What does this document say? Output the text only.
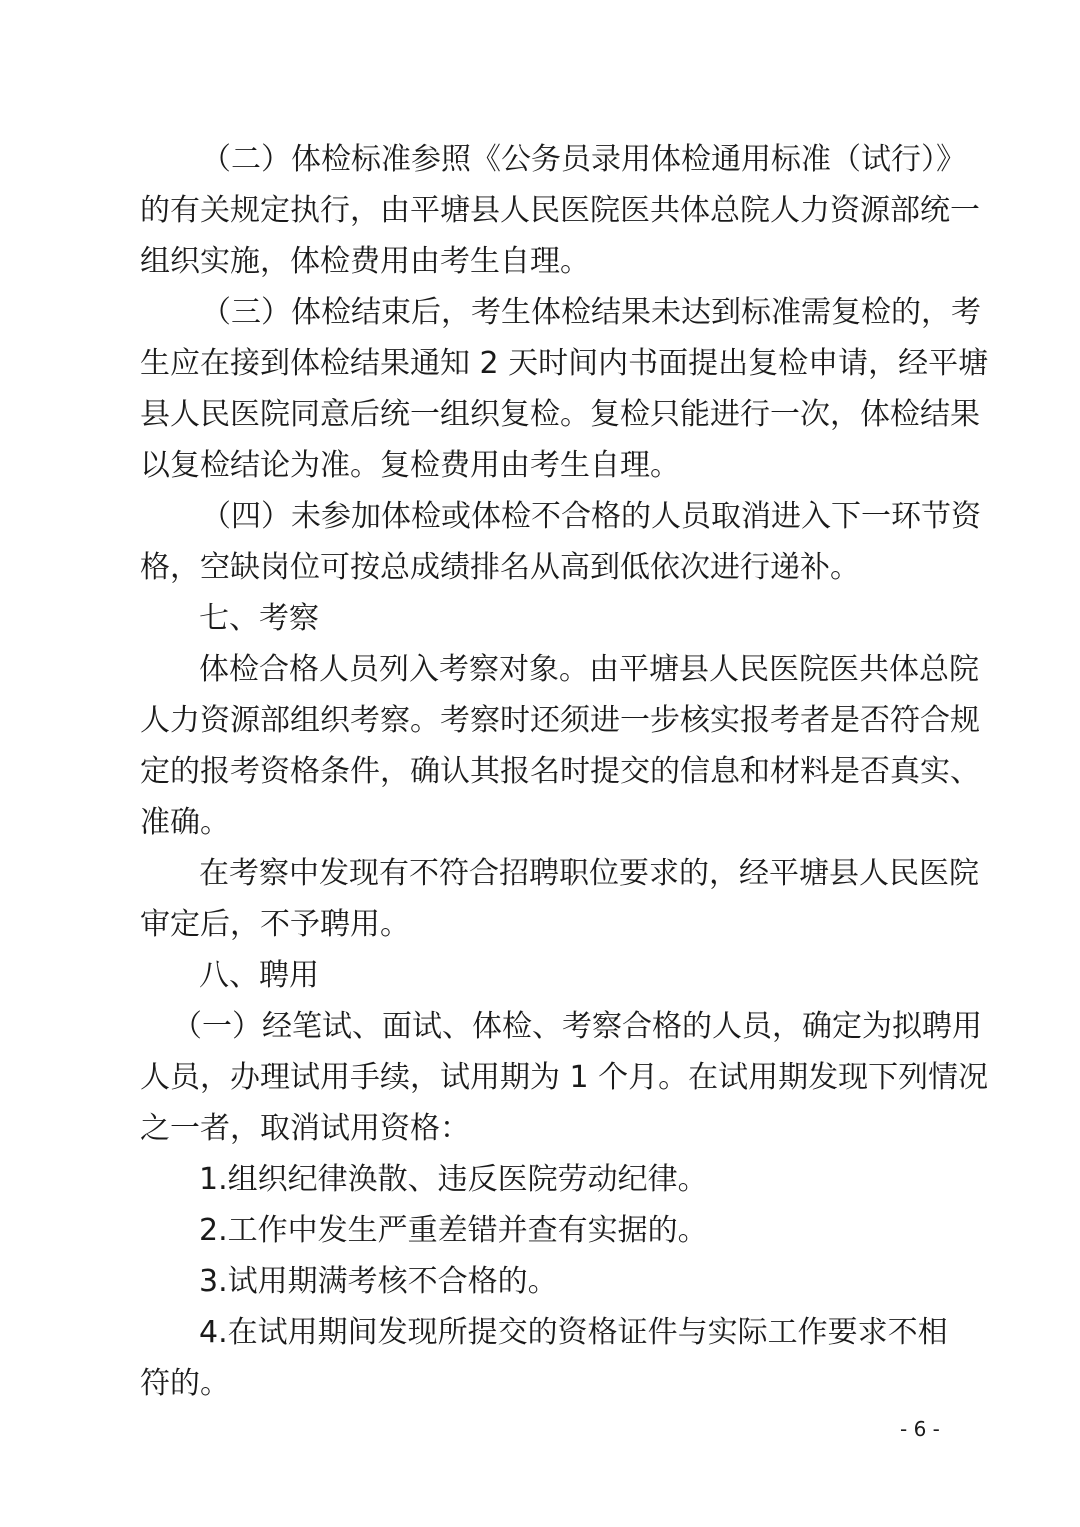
（二）体检标准参照《公务员录用体检通用标准（试行）》
的有关规定执行，由平塘县人民医院医共体总院人力资源部统一
组织实施，体检费用由考生自理。
（三）体检结束后，考生体检结果未达到标准需复检的，考
生应在接到体检结果通知 2 天时间内书面提出复检申请，经平塘
县人民医院同意后统一组织复检。复检只能进行一次，体检结果
以复检结论为准。复检费用由考生自理。
（四）未参加体检或体检不合格的人员取消进入下一环节资
格，空缺岗位可按总成绩排名从高到低依次进行递补。
七、考察
体检合格人员列入考察对象。由平塘县人民医院医共体总院
人力资源部组织考察。考察时还须进一步核实报考者是否符合规
定的报考资格条件，确认其报名时提交的信息和材料是否真实、
准确。
在考察中发现有不符合招聘职位要求的，经平塘县人民医院
审定后，不予聘用。
八、聘用
（一）经笔试、面试、体检、考察合格的人员，确定为拟聘用
人员，办理试用手续，试用期为 1 个月。在试用期发现下列情况
之一者，取消试用资格：
1.组织纪律涣散、违反医院劳动纪律。
2.工作中发生严重差错并查有实据的。
3.试用期满考核不合格的。
4.在试用期间发现所提交的资格证件与实际工作要求不相
符的。
- 6 -
